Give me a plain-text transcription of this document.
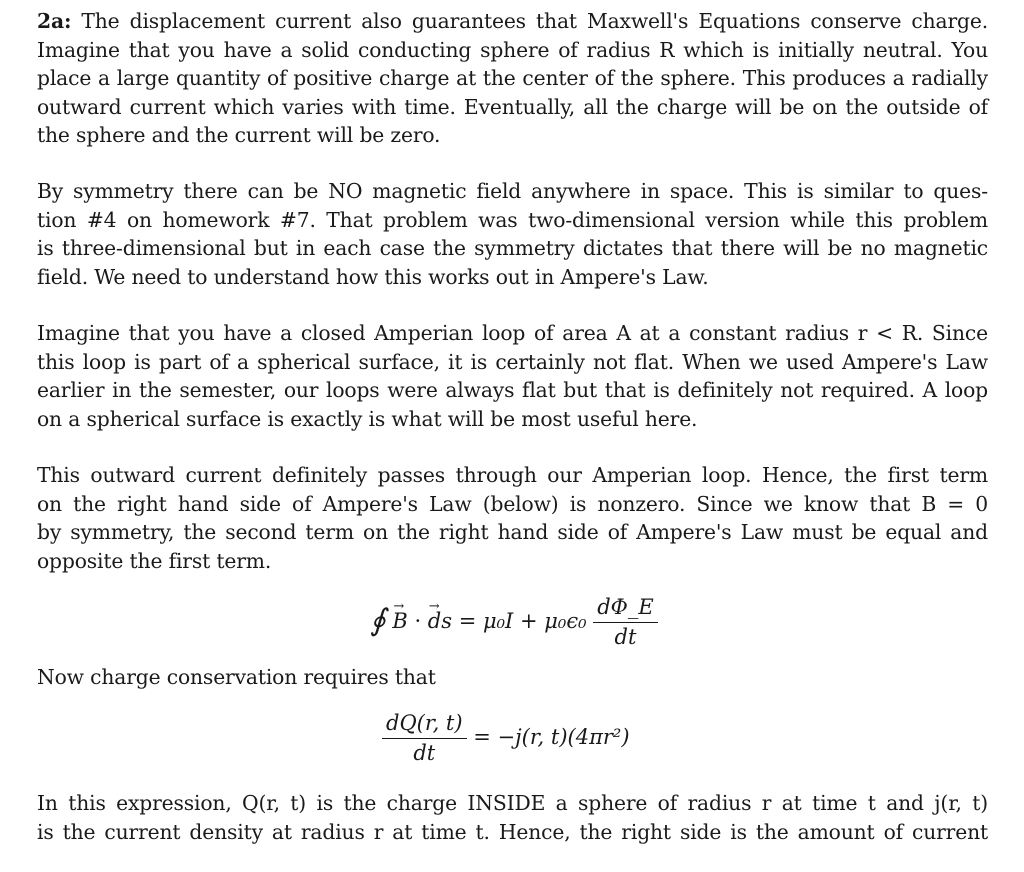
2a: The displacement current also guarantees that Maxwell's Equations conserve charge.
Imagine that you have a solid conducting sphere of radius R which is initially neutral. You
place a large quantity of positive charge at the center of the sphere. This produces a radially
outward current which varies with time. Eventually, all the charge will be on the outside of
the sphere and the current will be zero.
By symmetry there can be NO magnetic field anywhere in space. This is similar to ques-
tion #4 on homework #7. That problem was two-dimensional version while this problem
is three-dimensional but in each case the symmetry dictates that there will be no magnetic
field. We need to understand how this works out in Ampere's Law.
Imagine that you have a closed Amperian loop of area A at a constant radius r < R. Since
this loop is part of a spherical surface, it is certainly not flat. When we used Ampere's Law
earlier in the semester, our loops were always flat but that is definitely not required. A loop
on a spherical surface is exactly is what will be most useful here.
This outward current definitely passes through our Amperian loop. Hence, the first term
on the right hand side of Ampere's Law (below) is nonzero. Since we know that B = 0
by symmetry, the second term on the right hand side of Ampere's Law must be equal and
opposite the first term.
∮ → B · → ds = $\mu_0I + \mu_0\epsilon_0 \frac{d\Phi\_E}{dt}$
Now charge conservation requires that
$\frac{dQ(r, t)}{dt} = -j(r$, t)(4πr²)
In this expression, Q(r, t) is the charge INSIDE a sphere of radius r at time t and j(r, t)
is the current density at radius r at time t. Hence, the right side is the amount of current
